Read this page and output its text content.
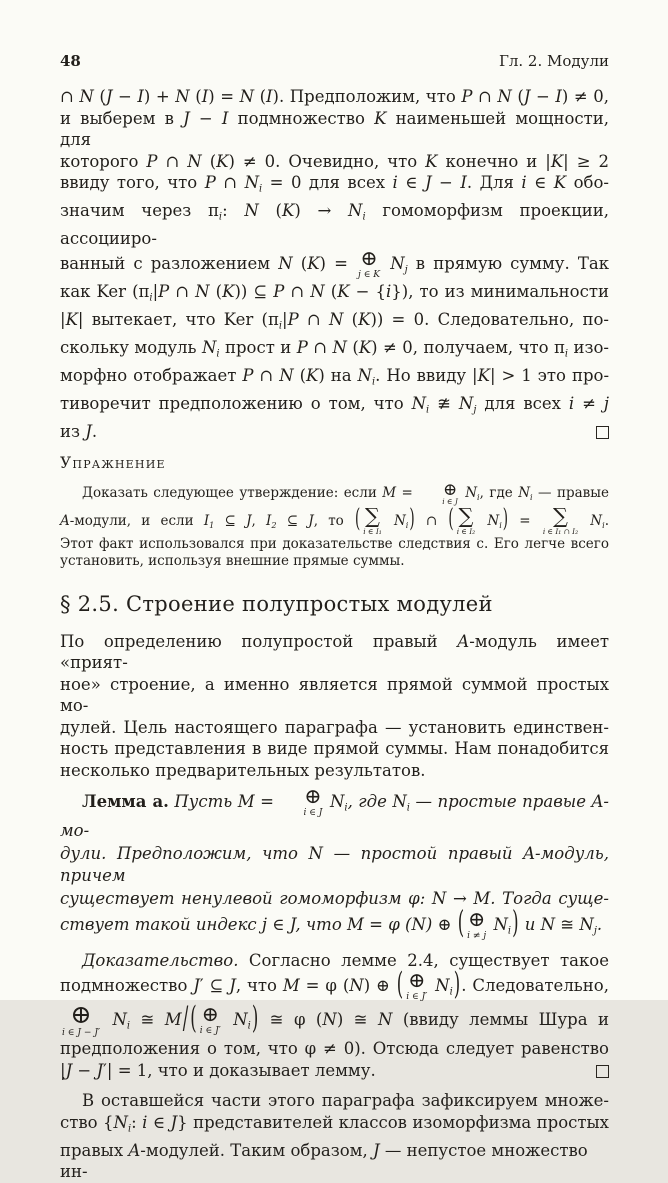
48	Гл. 2. Модули
∩ N (J − I) + N (I) = N (I). Предположим, что P ∩ N (J − I) ≠ 0,
и выберем в J − I подмножество K наименьшей мощности, для
которого P ∩ N (K) ≠ 0. Очевидно, что K конечно и |K| ≥ 2
ввиду того, что P ∩ $N_i = 0$ для всех i ∈ J − I. Для i ∈ K обо-
значим через $\pi_i$: N $(K) \to N_i$ гомоморфизм проекции, ассоцииро-
ванный с разложением N (K) = ⊕
j ∈ K
$N_j$ в прямую сумму. Так
как Ker ($\pi_i|P$ ∩ N (K)) ⊆ P ∩ N (K − {i}), то из минимальности
|K| вытекает, что Ker ($\pi_i|P$ ∩ N (K)) = 0. Следовательно, по-
скольку модуль $N_i$ прост и P ∩ N (K) ≠ 0, получаем, что $\pi_i$ изо-
морфно отображает P ∩ N (K) на $N_i$. Но ввиду |K| > 1 это про-
тиворечит предположению о том, что $N_i$ ≇ $N_j$ для всех i ≠ j
из J.
Упражнение
Доказать следующее утверждение: если M =	⊕
i ∈ J
$N_i$, где $N_i$ — правые
A-модули, и если $I_1$ ⊆ J, $I_2$ ⊆ J, то ( ∑
i ∈ I₁
$N_i$) ∩ ( ∑
i ∈ I₂
$N_i$) = ∑
i ∈ I₁ ∩ I₂
$N_i$.
Этот факт использовался при доказательстве следствия c. Его легче всего
установить, используя внешние прямые суммы.
§ 2.5. Строение полупростых модулей
По определению полупростой правый A-модуль имеет «прият-
ное» строение, а именно является прямой суммой простых мо-
дулей. Цель настоящего параграфа — установить единствен-
ность представления в виде прямой суммы. Нам понадобится
несколько предварительных результатов.
Лемма а. Пусть M =	⊕
i ∈ J
$N_i$, где $N_i$ — простые правые A-мо-
дули. Предположим, что N — простой правый A-модуль, причем
существует ненулевой гомоморфизм φ: N → M. Тогда суще-
ствует такой индекс j ∈ J, что M = φ (N) ⊕ ( ⊕
i ≠ j
$N_i$) и N ≅ $N_j$.
Доказательство. Согласно лемме 2.4, существует такое
подмножество J′ ⊆ J, что M = φ (N) ⊕ ( ⊕
i ∈ J′
$N_i$). Следовательно,
⊕
i ∈ J − J′
$N_i$ ≅ M/ ( ⊕
i ∈ J′
$N_i$) ≅ φ (N) ≅ N (ввиду леммы Шура и
предположения о том, что φ ≠ 0). Отсюда следует равенство
|J − J′| = 1, что и доказывает лемму.
В оставшейся части этого параграфа зафиксируем множе-
ство {$N_i$: i ∈ J} представителей классов изоморфизма простых
правых A-модулей. Таким образом, J — непустое множество ин-
